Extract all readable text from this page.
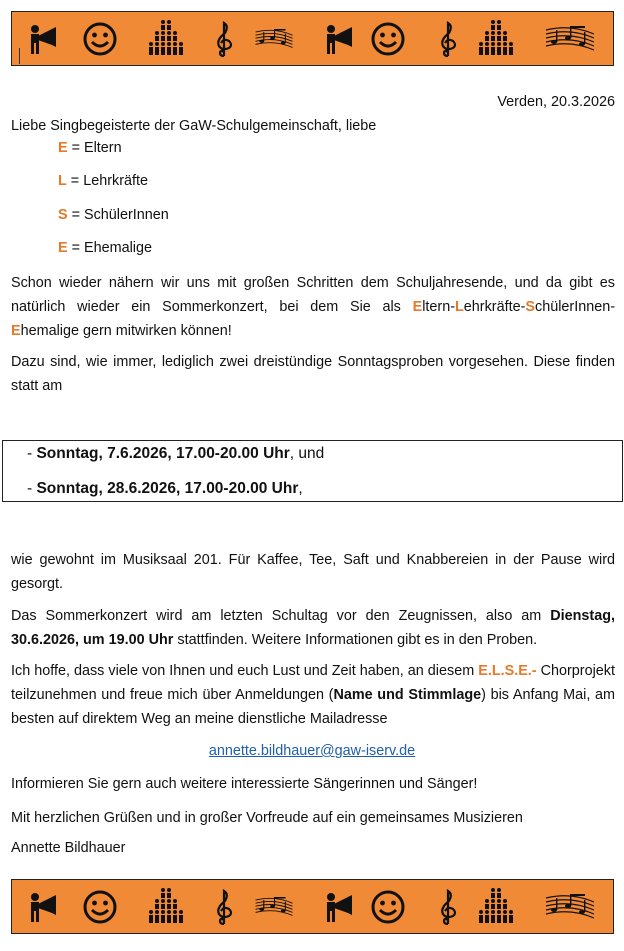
Verden, 20.3.2026
Liebe Singbegeisterte der GaW-Schulgemeinschaft, liebe
E = Eltern
L = Lehrkräfte
S = SchülerInnen
E = Ehemalige
Schon wieder nähern wir uns mit großen Schritten dem Schuljahresende, und da gibt es natürlich wieder ein Sommerkonzert, bei dem Sie als Eltern-Lehrkräfte-SchülerInnen-Ehemalige gern mitwirken können!
Dazu sind, wie immer, lediglich zwei dreistündige Sonntagsproben vorgesehen. Diese finden statt am
- Sonntag, 7.6.2026, 17.00-20.00 Uhr, und
- Sonntag, 28.6.2026, 17.00-20.00 Uhr,
wie gewohnt im Musiksaal 201. Für Kaffee, Tee, Saft und Knabbereien in der Pause wird gesorgt.
Das Sommerkonzert wird am letzten Schultag vor den Zeugnissen, also am Dienstag, 30.6.2026, um 19.00 Uhr stattfinden. Weitere Informationen gibt es in den Proben.
Ich hoffe, dass viele von Ihnen und euch Lust und Zeit haben, an diesem E.L.S.E.- Chorprojekt teilzunehmen und freue mich über Anmeldungen (Name und Stimmlage) bis Anfang Mai, am besten auf direktem Weg an meine dienstliche Mailadresse
annette.bildhauer@gaw-iserv.de
Informieren Sie gern auch weitere interessierte Sängerinnen und Sänger!
Mit herzlichen Grüßen und in großer Vorfreude auf ein gemeinsames Musizieren
Annette Bildhauer
